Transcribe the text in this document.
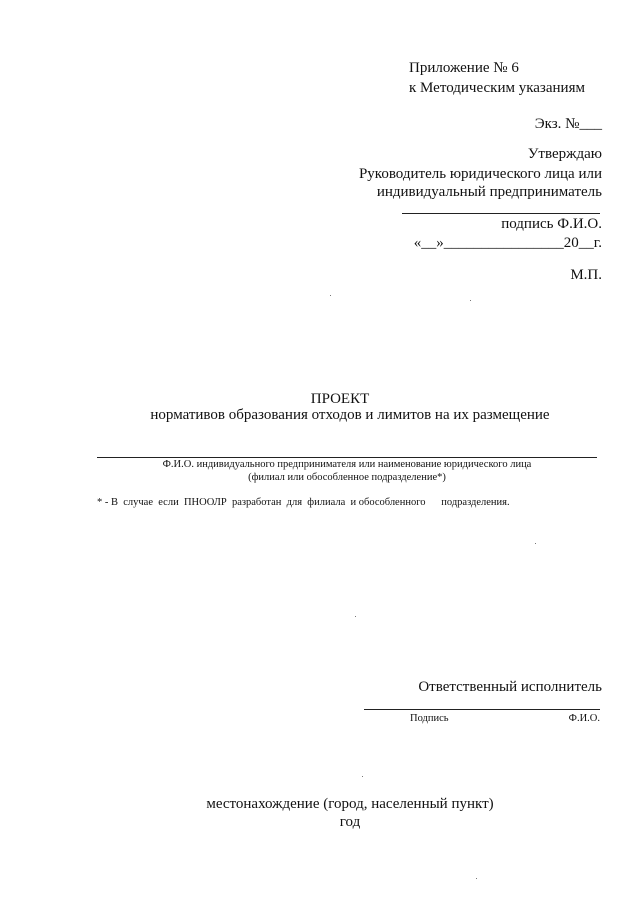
Приложение № 6
к Методическим указаниям
Экз. №___
Утверждаю
Руководитель юридического лица или
индивидуальный предприниматель
подпись Ф.И.О.
«__»________________20__г.
М.П.
ПРОЕКТ
нормативов образования отходов и лимитов на их размещение
Ф.И.О. индивидуального предпринимателя или наименование юридического лица
(филиал или обособленное подразделение*)
* - В  случае  если  ПНООЛР  разработан  для  филиала  и обособленного      подразделения.
Ответственный исполнитель
Подпись	Ф.И.О.
местонахождение (город, населенный пункт)
год
